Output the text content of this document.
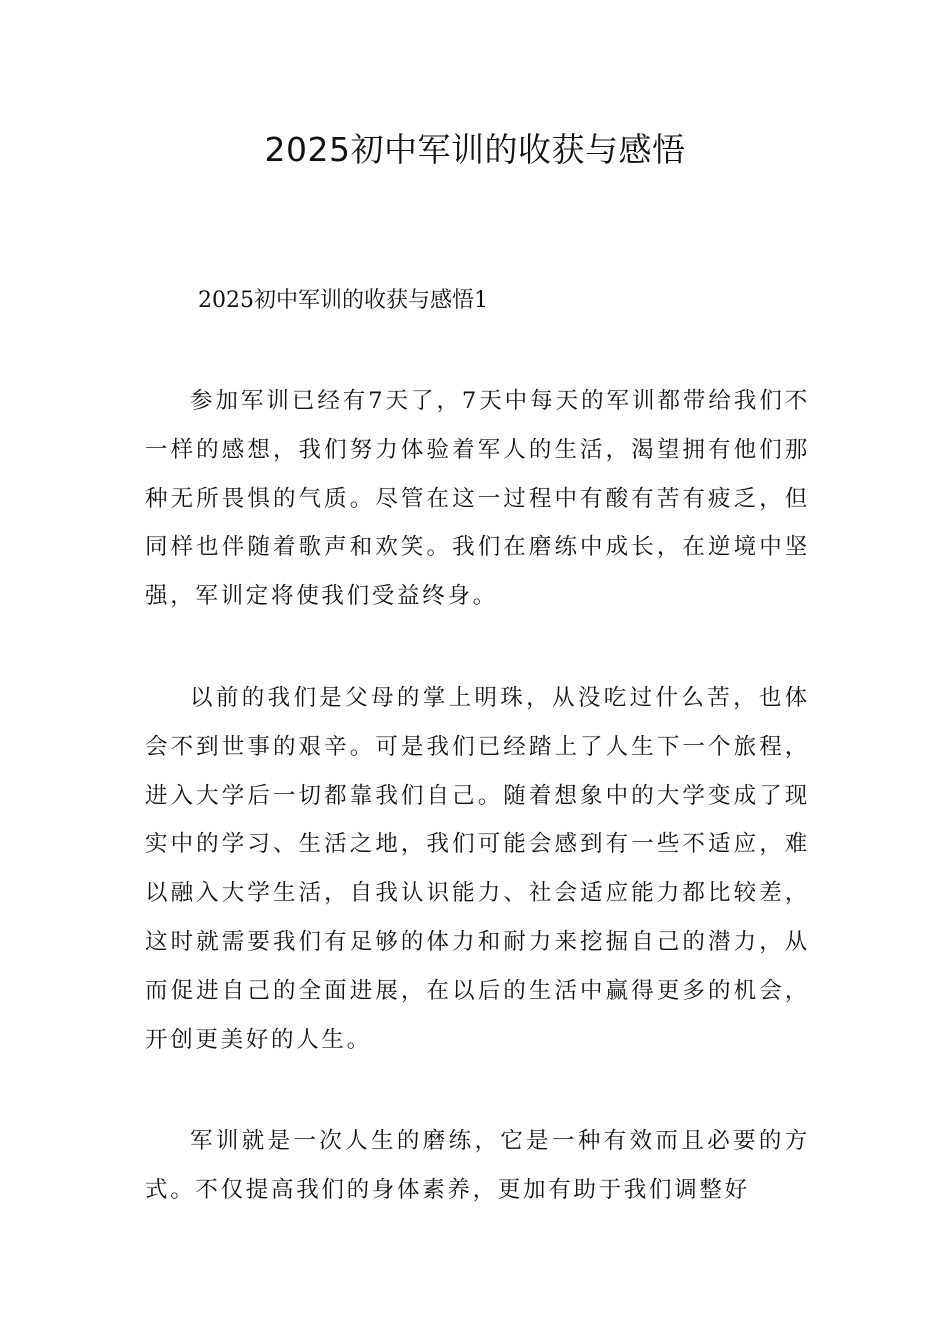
2025初中军训的收获与感悟

2025初中军训的收获与感悟1

参加军训已经有7天了，7天中每天的军训都带给我们不一样的感想，我们努力体验着军人的生活，渴望拥有他们那种无所畏惧的气质。尽管在这一过程中有酸有苦有疲乏，但同样也伴随着歌声和欢笑。我们在磨练中成长，在逆境中坚强，军训定将使我们受益终身。

以前的我们是父母的掌上明珠，从没吃过什么苦，也体会不到世事的艰辛。可是我们已经踏上了人生下一个旅程，进入大学后一切都靠我们自己。随着想象中的大学变成了现实中的学习、生活之地，我们可能会感到有一些不适应，难以融入大学生活，自我认识能力、社会适应能力都比较差，这时就需要我们有足够的体力和耐力来挖掘自己的潜力，从而促进自己的全面进展，在以后的生活中赢得更多的机会，开创更美好的人生。

军训就是一次人生的磨练，它是一种有效而且必要的方式。不仅提高我们的身体素养，更加有助于我们调整好
